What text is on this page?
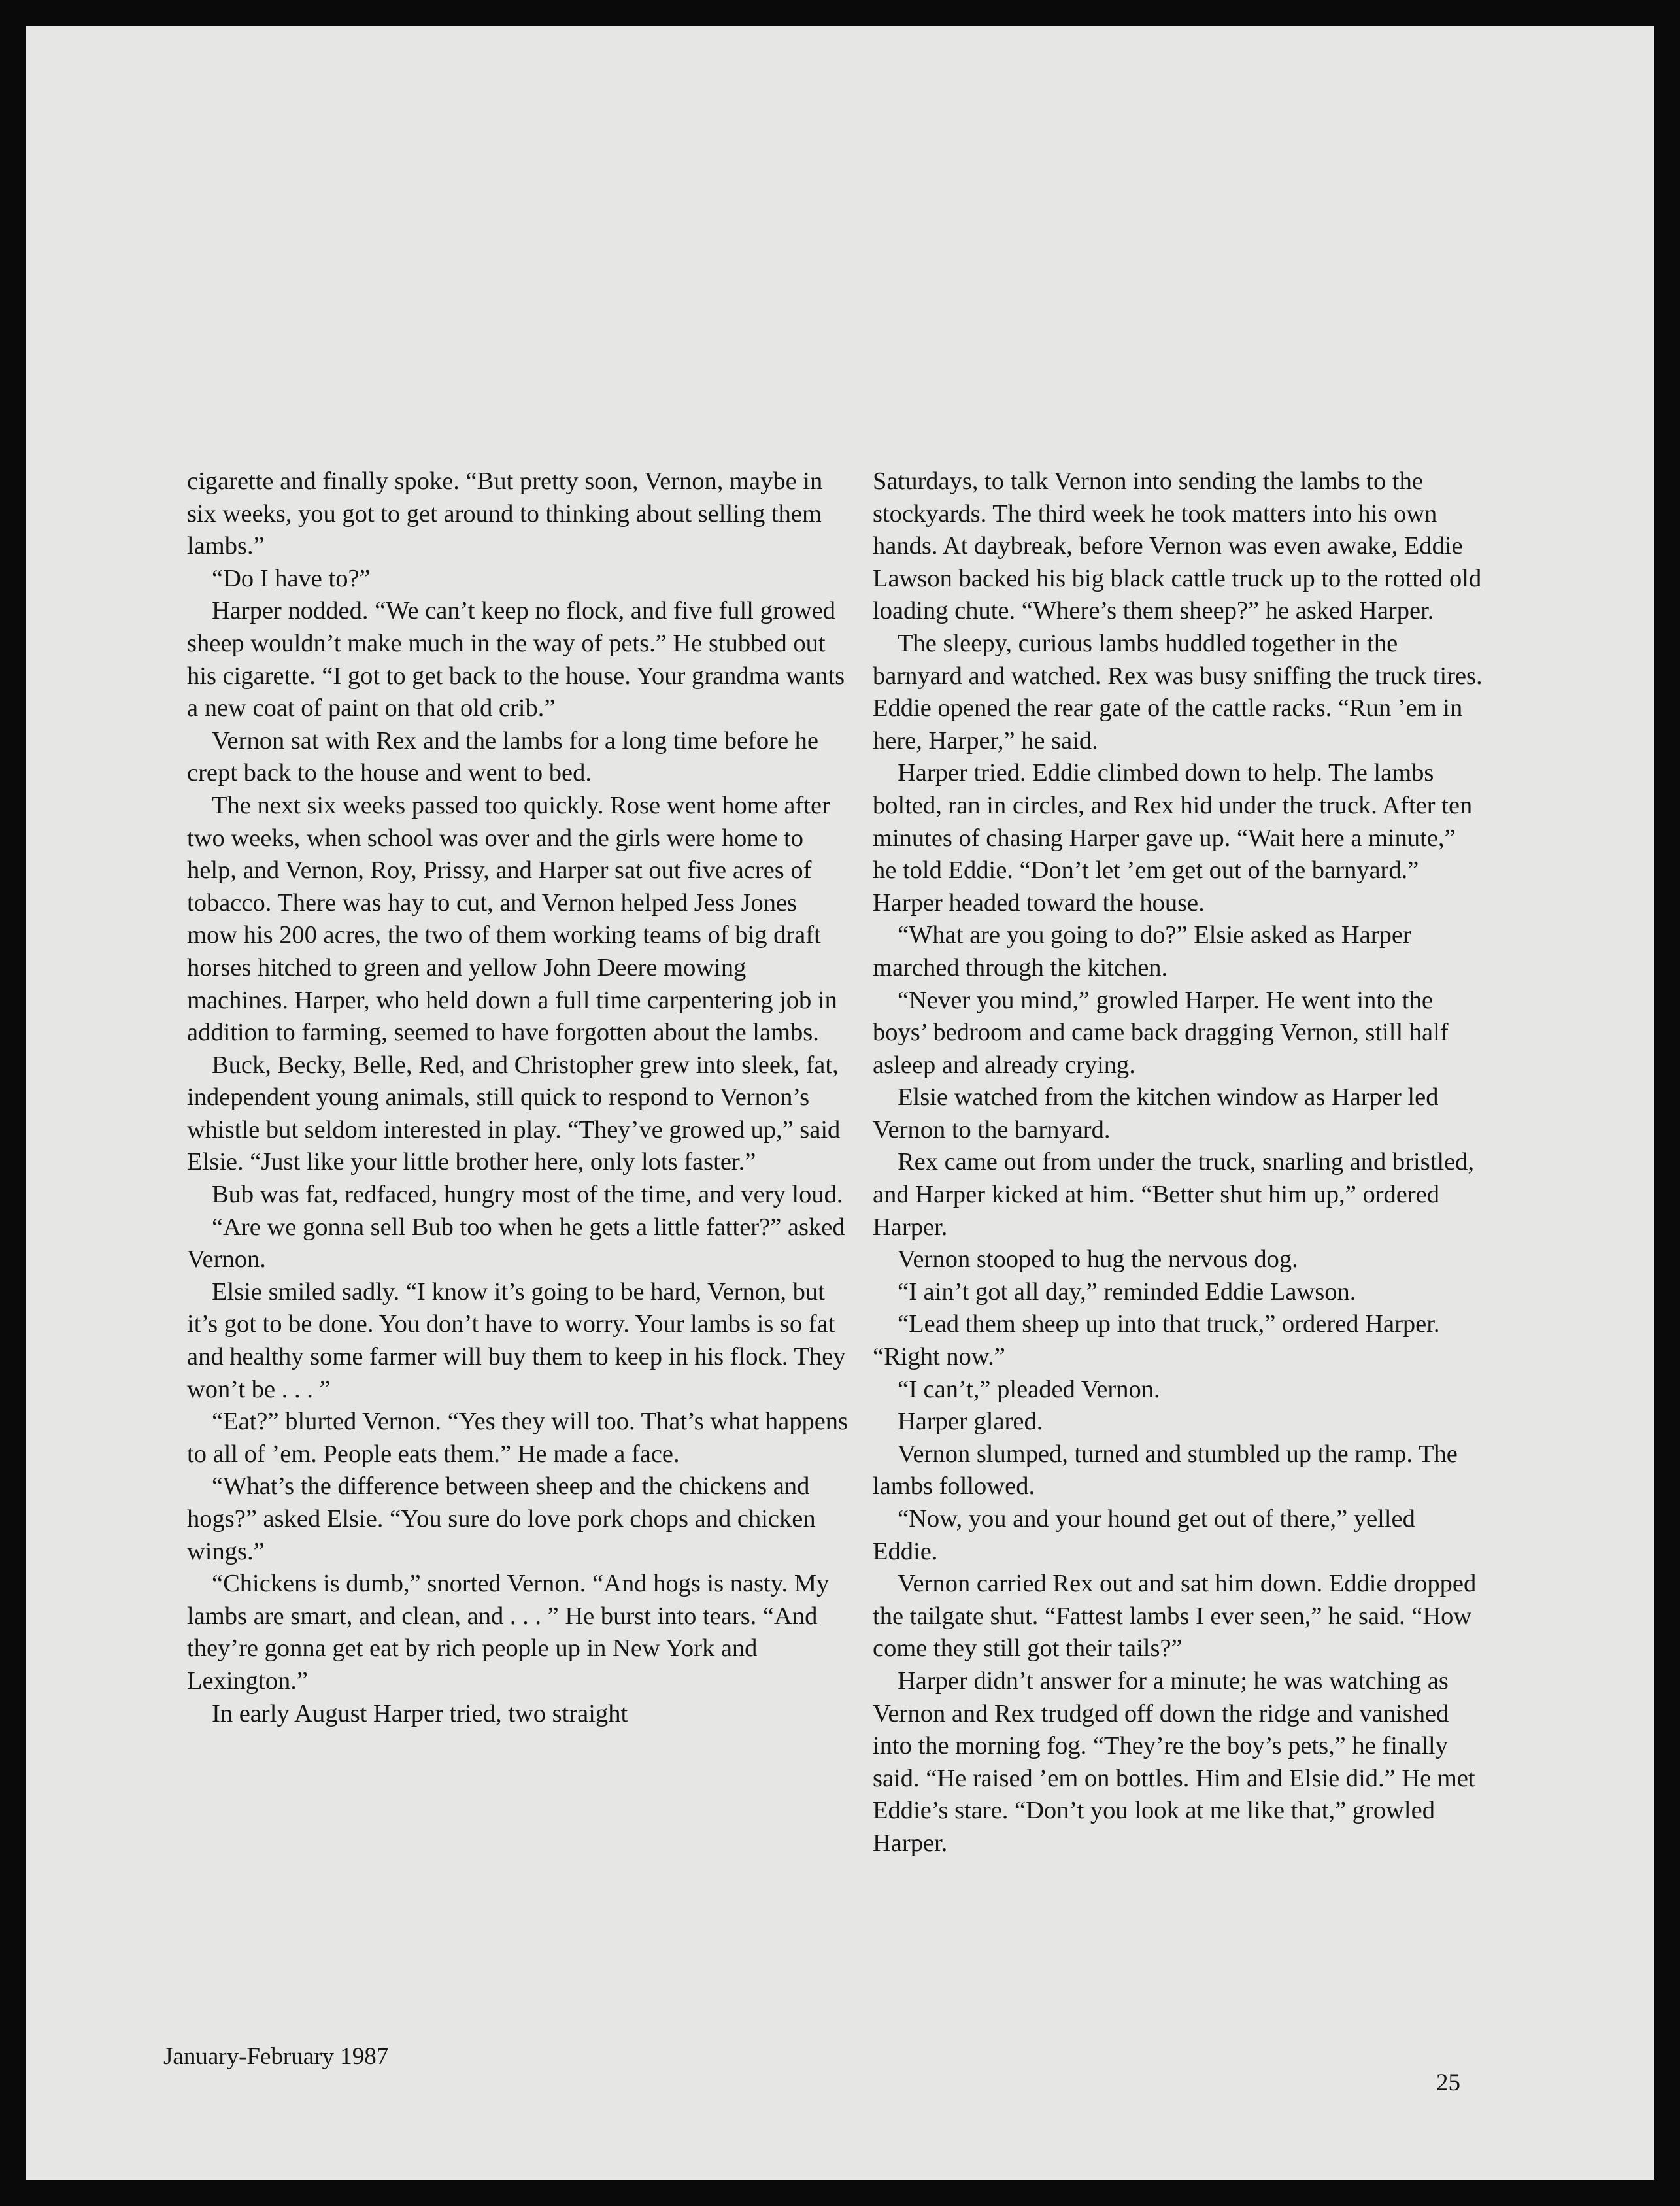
cigarette and finally spoke. “But pretty soon, Vernon, maybe in six weeks, you got to get around to thinking about selling them lambs.”

“Do I have to?”

Harper nodded. “We can’t keep no flock, and five full growed sheep wouldn’t make much in the way of pets.” He stubbed out his cigarette. “I got to get back to the house. Your grandma wants a new coat of paint on that old crib.”

Vernon sat with Rex and the lambs for a long time before he crept back to the house and went to bed.

The next six weeks passed too quickly. Rose went home after two weeks, when school was over and the girls were home to help, and Vernon, Roy, Prissy, and Harper sat out five acres of tobacco. There was hay to cut, and Vernon helped Jess Jones mow his 200 acres, the two of them working teams of big draft horses hitched to green and yellow John Deere mowing machines. Harper, who held down a full time carpentering job in addition to farming, seemed to have forgotten about the lambs.

Buck, Becky, Belle, Red, and Christopher grew into sleek, fat, independent young animals, still quick to respond to Vernon’s whistle but seldom interested in play. “They’ve growed up,” said Elsie. “Just like your little brother here, only lots faster.”

Bub was fat, redfaced, hungry most of the time, and very loud.

“Are we gonna sell Bub too when he gets a little fatter?” asked Vernon.

Elsie smiled sadly. “I know it’s going to be hard, Vernon, but it’s got to be done. You don’t have to worry. Your lambs is so fat and healthy some farmer will buy them to keep in his flock. They won’t be . . . ”

“Eat?” blurted Vernon. “Yes they will too. That’s what happens to all of ’em. People eats them.” He made a face.

“What’s the difference between sheep and the chickens and hogs?” asked Elsie. “You sure do love pork chops and chicken wings.”

“Chickens is dumb,” snorted Vernon. “And hogs is nasty. My lambs are smart, and clean, and . . . ” He burst into tears. “And they’re gonna get eat by rich people up in New York and Lexington.”

In early August Harper tried, two straight

Saturdays, to talk Vernon into sending the lambs to the stockyards. The third week he took matters into his own hands. At daybreak, before Vernon was even awake, Eddie Lawson backed his big black cattle truck up to the rotted old loading chute. “Where’s them sheep?” he asked Harper.

The sleepy, curious lambs huddled together in the barnyard and watched. Rex was busy sniffing the truck tires. Eddie opened the rear gate of the cattle racks. “Run ’em in here, Harper,” he said.

Harper tried. Eddie climbed down to help. The lambs bolted, ran in circles, and Rex hid under the truck. After ten minutes of chasing Harper gave up. “Wait here a minute,” he told Eddie. “Don’t let ’em get out of the barnyard.” Harper headed toward the house.

“What are you going to do?” Elsie asked as Harper marched through the kitchen.

“Never you mind,” growled Harper. He went into the boys’ bedroom and came back dragging Vernon, still half asleep and already crying.

Elsie watched from the kitchen window as Harper led Vernon to the barnyard.

Rex came out from under the truck, snarling and bristled, and Harper kicked at him. “Better shut him up,” ordered Harper.

Vernon stooped to hug the nervous dog.

“I ain’t got all day,” reminded Eddie Lawson.

“Lead them sheep up into that truck,” ordered Harper. “Right now.”

“I can’t,” pleaded Vernon.

Harper glared.

Vernon slumped, turned and stumbled up the ramp. The lambs followed.

“Now, you and your hound get out of there,” yelled Eddie.

Vernon carried Rex out and sat him down. Eddie dropped the tailgate shut. “Fattest lambs I ever seen,” he said. “How come they still got their tails?”

Harper didn’t answer for a minute; he was watching as Vernon and Rex trudged off down the ridge and vanished into the morning fog. “They’re the boy’s pets,” he finally said. “He raised ’em on bottles. Him and Elsie did.” He met Eddie’s stare. “Don’t you look at me like that,” growled Harper.

January-February 1987
25
